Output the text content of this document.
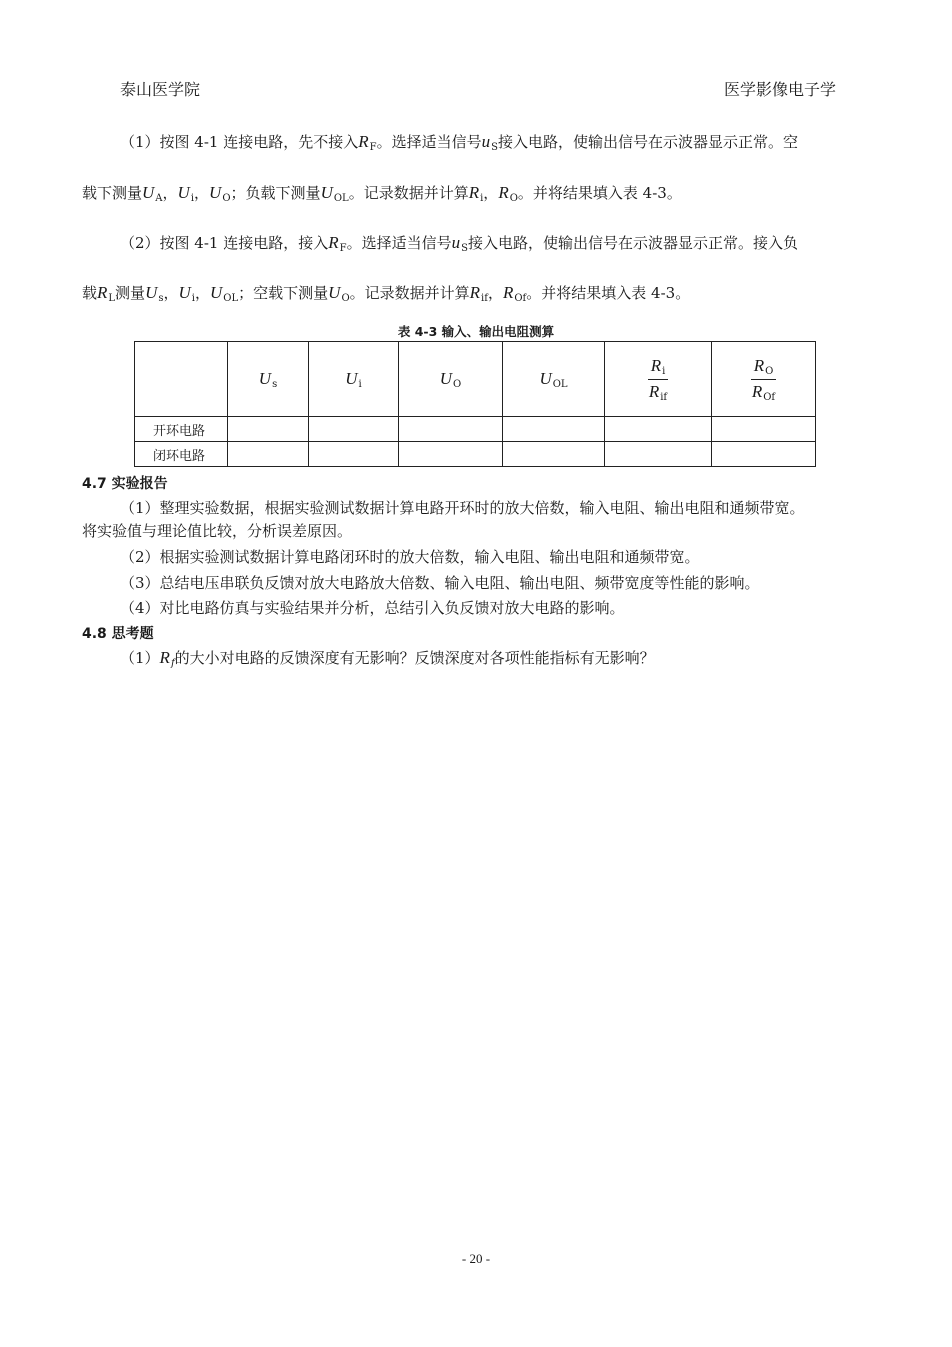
泰山医学院	医学影像电子学
（1）按图 4-1 连接电路，先不接入$R_F$。选择适当信号$u_S$接入电路，使输出信号在示波器显示正常。空
载下测量$U_A$，$U_i$，$U_O$；负载下测量$U_{OL}$。记录数据并计算$R_i$，$R_O$。并将结果填入表 4-3。
（2）按图 4-1 连接电路，接入$R_F$。选择适当信号$u_S$接入电路，使输出信号在示波器显示正常。接入负
载$R_L$测量$U_s$，$U_i$，$U_{OL}$；空载下测量$U_O$。记录数据并计算$R_{if}$，$R_{Of}$。并将结果填入表 4-3。
表 4-3 输入、输出电阻测算
	$U_s$	$U_i$	$U_O$	$U_{OL}$	$\frac{R_i}{R_{if}}$	$\frac{R_O}{R_{Of}}$

开环电路						
闭环电路						
4.7 实验报告
（1）整理实验数据，根据实验测试数据计算电路开环时的放大倍数，输入电阻、输出电阻和通频带宽。
将实验值与理论值比较，分析误差原因。
（2）根据实验测试数据计算电路闭环时的放大倍数，输入电阻、输出电阻和通频带宽。
（3）总结电压串联负反馈对放大电路放大倍数、输入电阻、输出电阻、频带宽度等性能的影响。
（4）对比电路仿真与实验结果并分析，总结引入负反馈对放大电路的影响。
4.8 思考题
$(1)R_f$的大小对电路的反馈深度有无影响？反馈深度对各项性能指标有无影响？
- 20 -
